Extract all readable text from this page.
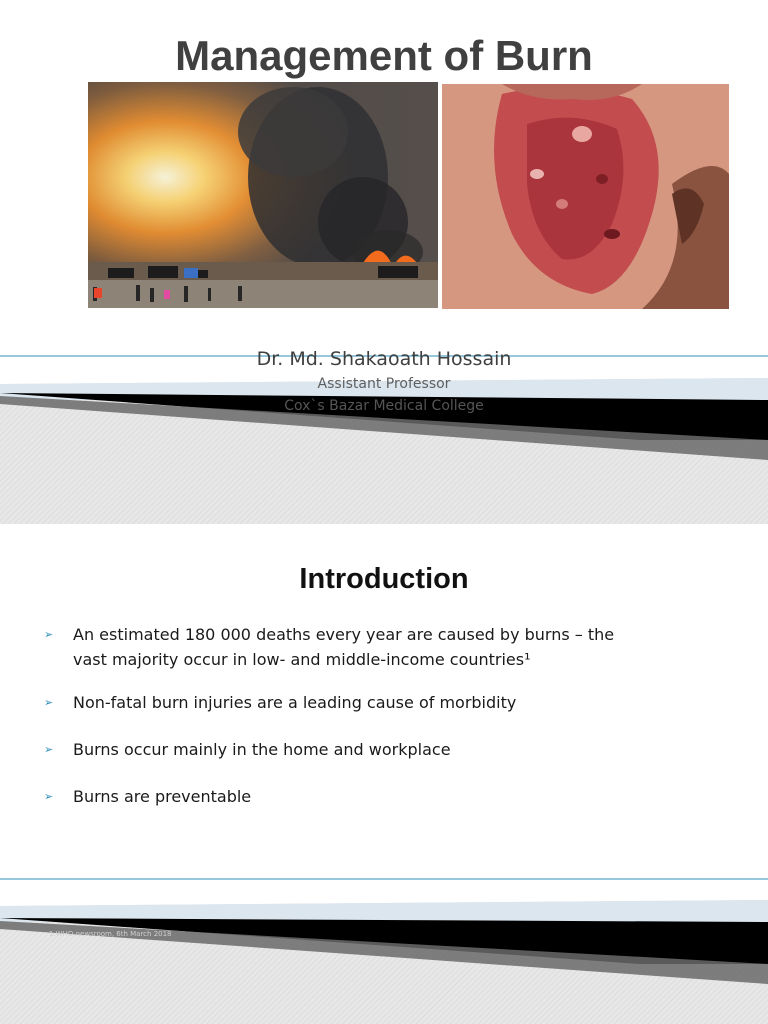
Management of Burn
Dr. Md. Shakaoath Hossain
Assistant Professor
Cox`s Bazar Medical College
Introduction
➢ An estimated 180 000 deaths every year are caused by burns – the
vast majority occur in low- and middle-income countries¹
➢ Non-fatal burn injuries are a leading cause of morbidity
➢ Burns occur mainly in the home and workplace
➢ Burns are preventable
1.WHO newsroom, 6th March 2018
